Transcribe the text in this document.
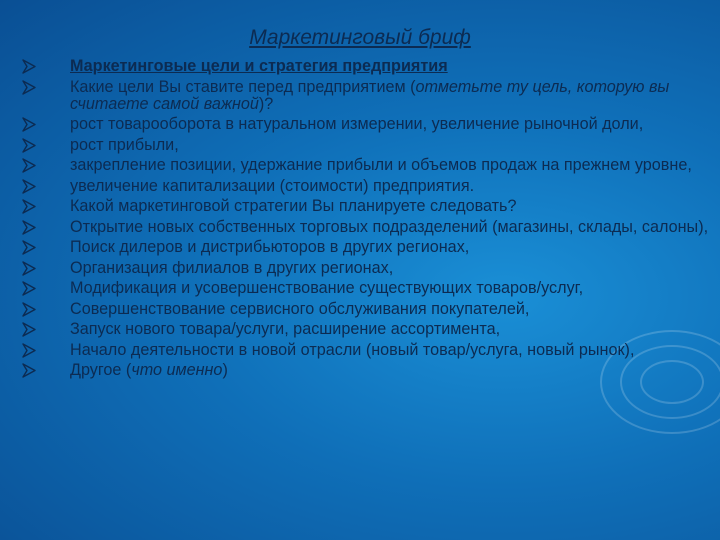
Маркетинговый бриф
Маркетинговые цели и стратегия предприятия
Какие цели Вы ставите перед предприятием (отметьте ту цель, которую вы считаете самой важной)?
рост товарооборота в натуральном измерении, увеличение рыночной доли,
рост прибыли,
закрепление позиции, удержание прибыли и объемов продаж на прежнем уровне,
увеличение капитализации (стоимости) предприятия.
Какой маркетинговой стратегии Вы планируете следовать?
Открытие новых собственных торговых подразделений (магазины, склады, салоны),
Поиск дилеров и дистрибьюторов в других регионах,
Организация филиалов в других регионах,
Модификация и усовершенствование существующих товаров/услуг,
Совершенствование сервисного обслуживания покупателей,
Запуск нового товара/услуги, расширение ассортимента,
Начало деятельности в новой отрасли (новый товар/услуга, новый рынок),
Другое (что именно)
